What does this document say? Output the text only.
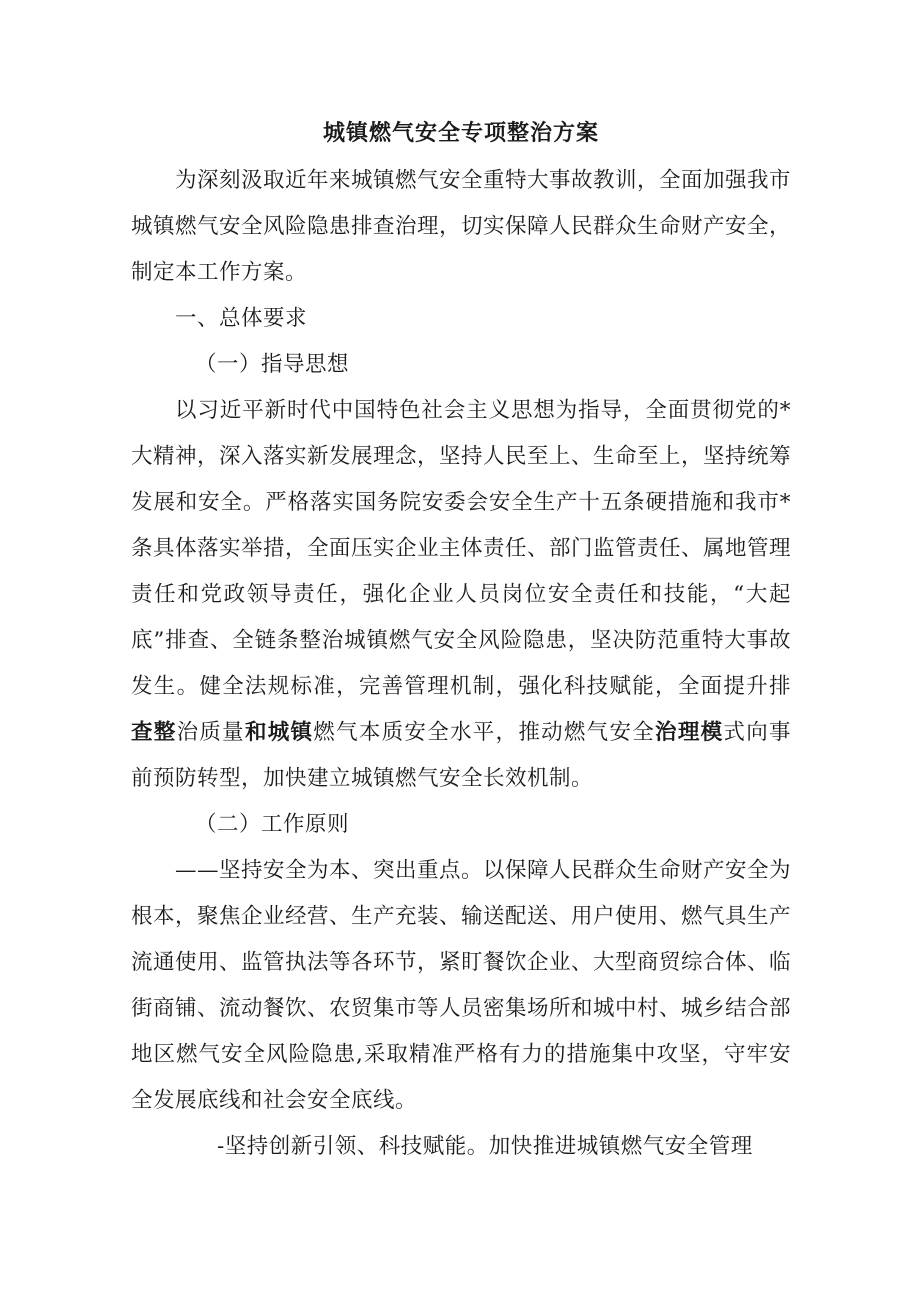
城镇燃气安全专项整治方案

为深刻汲取近年来城镇燃气安全重特大事故教训，全面加强我市城镇燃气安全风险隐患排查治理，切实保障人民群众生命财产安全，制定本工作方案。

一、总体要求

（一）指导思想

以习近平新时代中国特色社会主义思想为指导，全面贯彻党的*大精神，深入落实新发展理念，坚持人民至上、生命至上，坚持统筹发展和安全。严格落实国务院安委会安全生产十五条硬措施和我市*条具体落实举措，全面压实企业主体责任、部门监管责任、属地管理责任和党政领导责任，强化企业人员岗位安全责任和技能，“大起底”排查、全链条整治城镇燃气安全风险隐患，坚决防范重特大事故发生。健全法规标准，完善管理机制，强化科技赋能，全面提升排查整治质量和城镇燃气本质安全水平，推动燃气安全治理模式向事前预防转型，加快建立城镇燃气安全长效机制。

（二）工作原则

——坚持安全为本、突出重点。以保障人民群众生命财产安全为根本，聚焦企业经营、生产充装、输送配送、用户使用、燃气具生产流通使用、监管执法等各环节，紧盯餐饮企业、大型商贸综合体、临街商铺、流动餐饮、农贸集市等人员密集场所和城中村、城乡结合部地区燃气安全风险隐患,采取精准严格有力的措施集中攻坚，守牢安全发展底线和社会安全底线。

-坚持创新引领、科技赋能。加快推进城镇燃气安全管理
